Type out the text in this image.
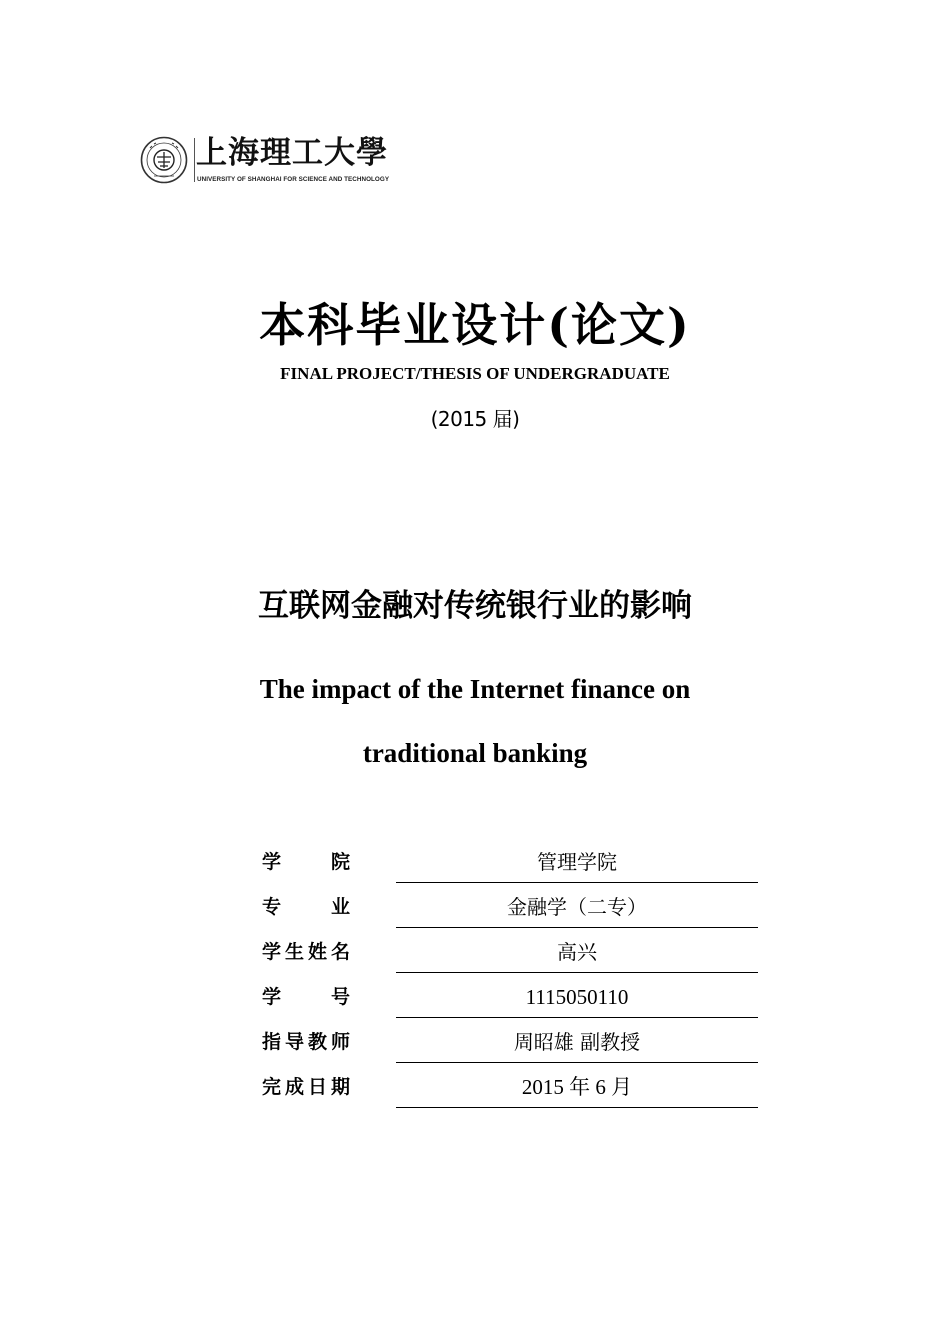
上海理工大學
UNIVERSITY OF SHANGHAI FOR SCIENCE AND TECHNOLOGY
本科毕业设计(论文)
FINAL PROJECT/THESIS OF UNDERGRADUATE
(2015 届)
互联网金融对传统银行业的影响
The impact of the Internet finance on
traditional banking
学院	管理学院
专业	金融学（二专）
学生姓名	高兴
学号	1115050110
指导教师	周昭雄 副教授
完成日期	2015 年 6 月
